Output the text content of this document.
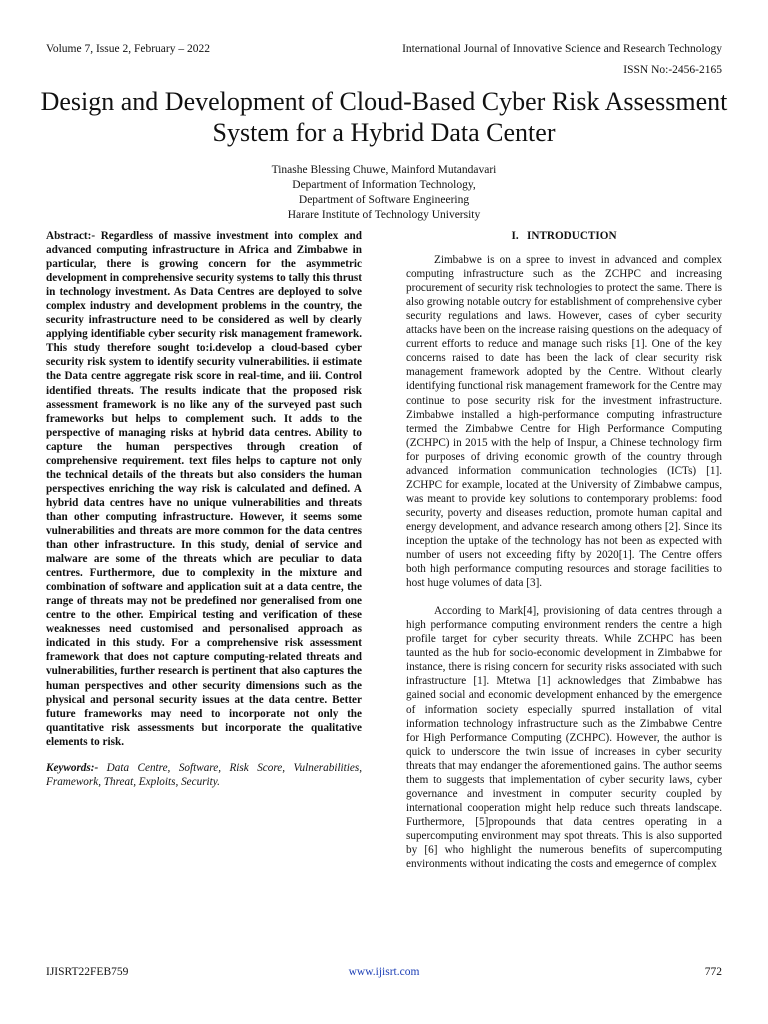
Volume 7, Issue 2, February – 2022	International Journal of Innovative Science and Research Technology
ISSN No:-2456-2165
Design and Development of Cloud-Based Cyber Risk Assessment System for a Hybrid Data Center
Tinashe Blessing Chuwe, Mainford Mutandavari
Department of Information Technology,
Department of Software Engineering
Harare Institute of Technology University

Abstract:- Regardless of massive investment into complex and advanced computing infrastructure in Africa and Zimbabwe in particular, there is growing concern for the asymmetric development in comprehensive security systems to tally this thrust in technology investment. As Data Centres are deployed to solve complex industry and development problems in the country, the security infrastructure need to be considered as well by clearly applying identifiable cyber security risk management framework. This study therefore sought to:i.develop a cloud-based cyber security risk system to identify security vulnerabilities. ii estimate the Data centre aggregate risk score in real-time, and iii. Control identified threats. The results indicate that the proposed risk assessment framework is no like any of the surveyed past such frameworks but helps to complement such. It adds to the perspective of managing risks at hybrid data centres. Ability to capture the human perspectives through creation of comprehensive requirement. text files helps to capture not only the technical details of the threats but also considers the human perspectives enriching the way risk is calculated and defined. A hybrid data centres have no unique vulnerabilities and threats than other computing infrastructure. However, it seems some vulnerabilities and threats are more common for the data centres than other infrastructure. In this study, denial of service and malware are some of the threats which are peculiar to data centres. Furthermore, due to complexity in the mixture and combination of software and application suit at a data centre, the range of threats may not be predefined nor generalised from one centre to the other. Empirical testing and verification of these weaknesses need customised and personalised approach as indicated in this study. For a comprehensive risk assessment framework that does not capture computing-related threats and vulnerabilities, further research is pertinent that also captures the human perspectives and other security dimensions such as the physical and personal security issues at the data centre. Better future frameworks may need to incorporate not only the quantitative risk assessments but incorporate the qualitative elements to risk.

Keywords:- Data Centre, Software, Risk Score, Vulnerabilities, Framework, Threat, Exploits, Security.

I.   INTRODUCTION

Zimbabwe is on a spree to invest in advanced and complex computing infrastructure such as the ZCHPC and increasing procurement of security risk technologies to protect the same. There is also growing notable outcry for establishment of comprehensive cyber security regulations and laws. However, cases of cyber security attacks have been on the increase raising questions on the adequacy of current efforts to reduce and manage such risks [1]. One of the key concerns raised to date has been the lack of clear security risk management framework adopted by the Centre. Without clearly identifying functional risk management framework for the Centre may continue to pose security risk for the investment infrastructure. Zimbabwe installed a high-performance computing infrastructure termed the Zimbabwe Centre for High Performance Computing (ZCHPC) in 2015 with the help of Inspur, a Chinese technology firm for purposes of driving economic growth of the country through advanced information communication technologies (ICTs) [1]. ZCHPC for example, located at the University of Zimbabwe campus, was meant to provide key solutions to contemporary problems: food security, poverty and diseases reduction, promote human capital and energy development, and advance research among others [2]. Since its inception the uptake of the technology has not been as expected with number of users not exceeding fifty by 2020[1]. The Centre offers both high performance computing resources and storage facilities to host huge volumes of data [3].

According to Mark[4], provisioning of data centres through a high performance computing environment renders the centre a high profile target for cyber security threats. While ZCHPC has been taunted as the hub for socio-economic development in Zimbabwe for instance, there is rising concern for security risks associated with such infrastructure [1]. Mtetwa [1] acknowledges that Zimbabwe has gained social and economic development enhanced by the emergence of information society especially spurred installation of vital information technology infrastructure such as the Zimbabwe Centre for High Performance Computing (ZCHPC). However, the author is quick to underscore the twin issue of increases in cyber security threats that may endanger the aforementioned gains. The author seems them to suggests that implementation of cyber security laws, cyber governance and investment in computer security coupled by international cooperation might help reduce such threats landscape. Furthermore, [5]propounds that data centres operating in a supercomputing environment may spot threats. This is also supported by [6] who highlight the numerous benefits of supercomputing environments without indicating the costs and emegernce of complex

IJISRT22FEB759	www.ijisrt.com	772
